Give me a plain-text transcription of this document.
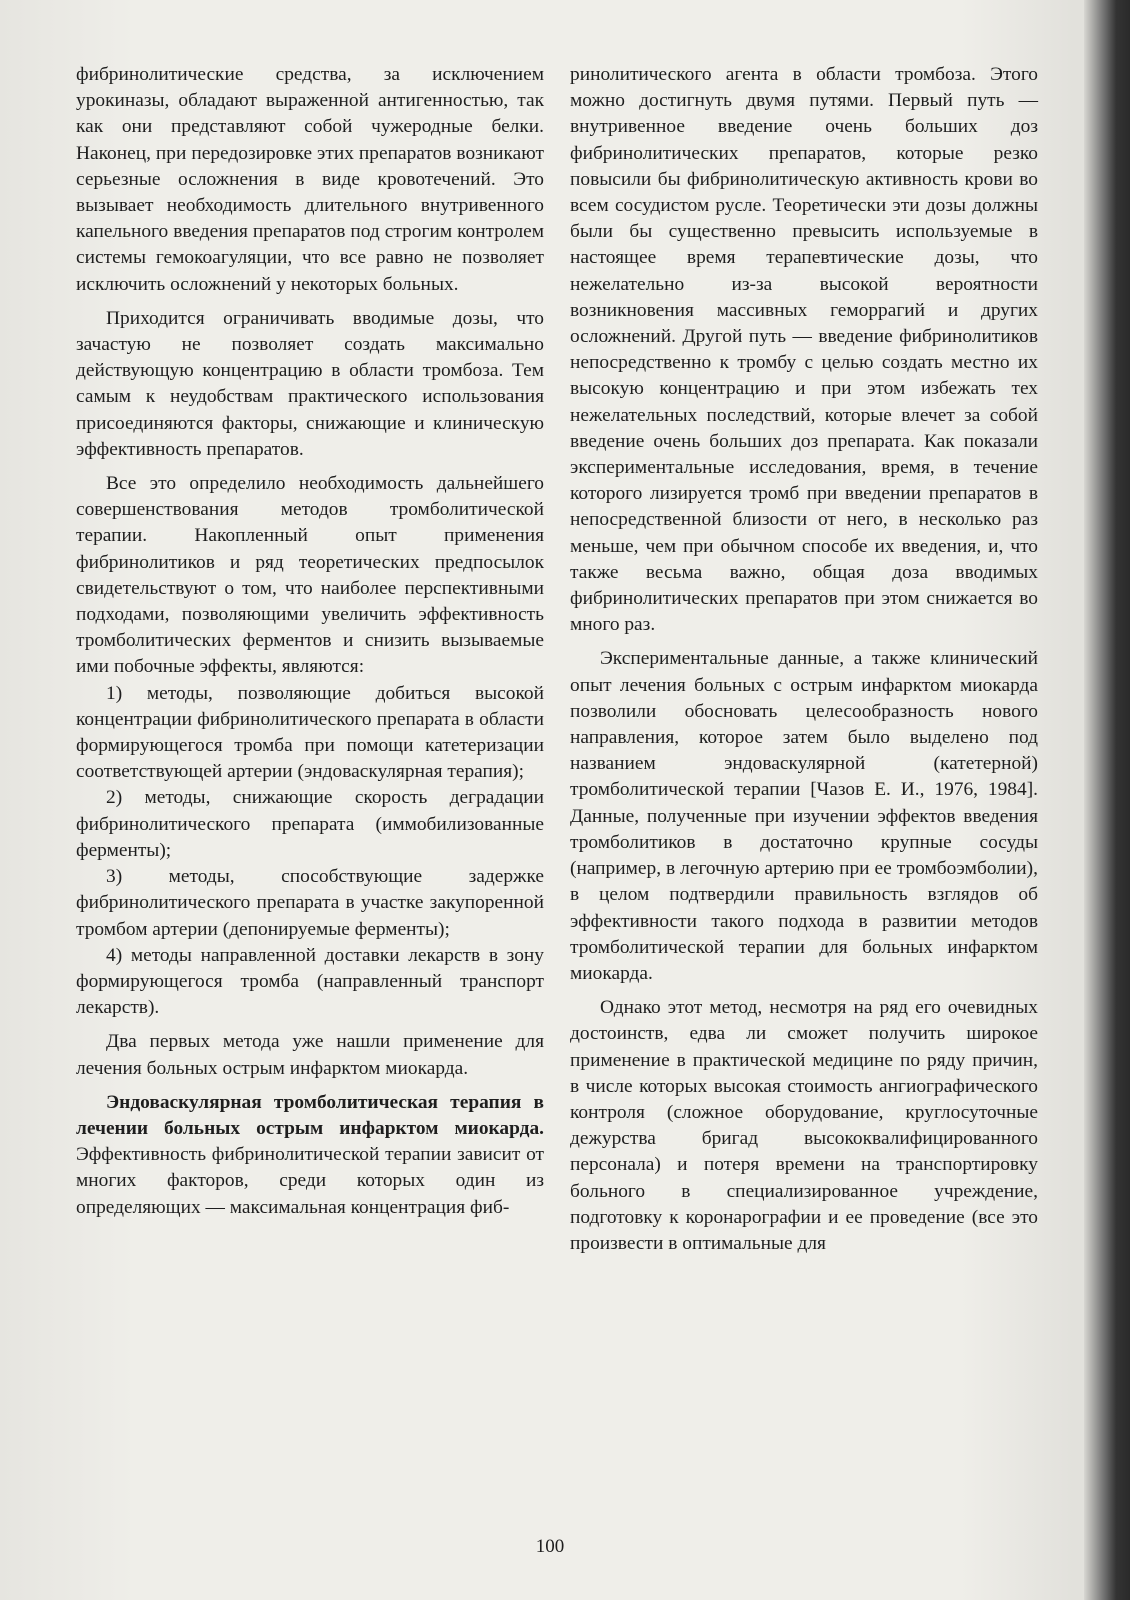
фибринолитические средства, за исключением урокиназы, обладают выраженной антигенностью, так как они представляют собой чужеродные белки. Наконец, при передозировке этих препаратов возникают серьезные осложнения в виде кровотечений. Это вызывает необходимость длительного внутривенного капельного введения препаратов под строгим контролем системы гемокоагуляции, что все равно не позволяет исключить осложнений у некоторых больных.

Приходится ограничивать вводимые дозы, что зачастую не позволяет создать максимально действующую концентрацию в области тромбоза. Тем самым к неудобствам практического использования присоединяются факторы, снижающие и клиническую эффективность препаратов.

Все это определило необходимость дальнейшего совершенствования методов тромболитической терапии. Накопленный опыт применения фибринолитиков и ряд теоретических предпосылок свидетельствуют о том, что наиболее перспективными подходами, позволяющими увеличить эффективность тромболитических ферментов и снизить вызываемые ими побочные эффекты, являются:

1) методы, позволяющие добиться высокой концентрации фибринолитического препарата в области формирующегося тромба при помощи катетеризации соответствующей артерии (эндоваскулярная терапия);

2) методы, снижающие скорость деградации фибринолитического препарата (иммобилизованные ферменты);

3) методы, способствующие задержке фибринолитического препарата в участке закупоренной тромбом артерии (депонируемые ферменты);

4) методы направленной доставки лекарств в зону формирующегося тромба (направленный транспорт лекарств).

Два первых метода уже нашли применение для лечения больных острым инфарктом миокарда.

Эндоваскулярная тромболитическая терапия в лечении больных острым инфарктом миокарда. Эффективность фибринолитической терапии зависит от многих факторов, среди которых один из определяющих — максимальная концентрация фиб-

ринолитического агента в области тромбоза. Этого можно достигнуть двумя путями. Первый путь — внутривенное введение очень больших доз фибринолитических препаратов, которые резко повысили бы фибринолитическую активность крови во всем сосудистом русле. Теоретически эти дозы должны были бы существенно превысить используемые в настоящее время терапевтические дозы, что нежелательно из-за высокой вероятности возникновения массивных геморрагий и других осложнений. Другой путь — введение фибринолитиков непосредственно к тромбу с целью создать местно их высокую концентрацию и при этом избежать тех нежелательных последствий, которые влечет за собой введение очень больших доз препарата. Как показали экспериментальные исследования, время, в течение которого лизируется тромб при введении препаратов в непосредственной близости от него, в несколько раз меньше, чем при обычном способе их введения, и, что также весьма важно, общая доза вводимых фибринолитических препаратов при этом снижается во много раз.

Экспериментальные данные, а также клинический опыт лечения больных с острым инфарктом миокарда позволили обосновать целесообразность нового направления, которое затем было выделено под названием эндоваскулярной (катетерной) тромболитической терапии [Чазов Е. И., 1976, 1984]. Данные, полученные при изучении эффектов введения тромболитиков в достаточно крупные сосуды (например, в легочную артерию при ее тромбоэмболии), в целом подтвердили правильность взглядов об эффективности такого подхода в развитии методов тромболитической терапии для больных инфарктом миокарда.

Однако этот метод, несмотря на ряд его очевидных достоинств, едва ли сможет получить широкое применение в практической медицине по ряду причин, в числе которых высокая стоимость ангиографического контроля (сложное оборудование, круглосуточные дежурства бригад высококвалифицированного персонала) и потеря времени на транспортировку больного в специализированное учреждение, подготовку к коронарографии и ее проведение (все это произвести в оптимальные для

100
